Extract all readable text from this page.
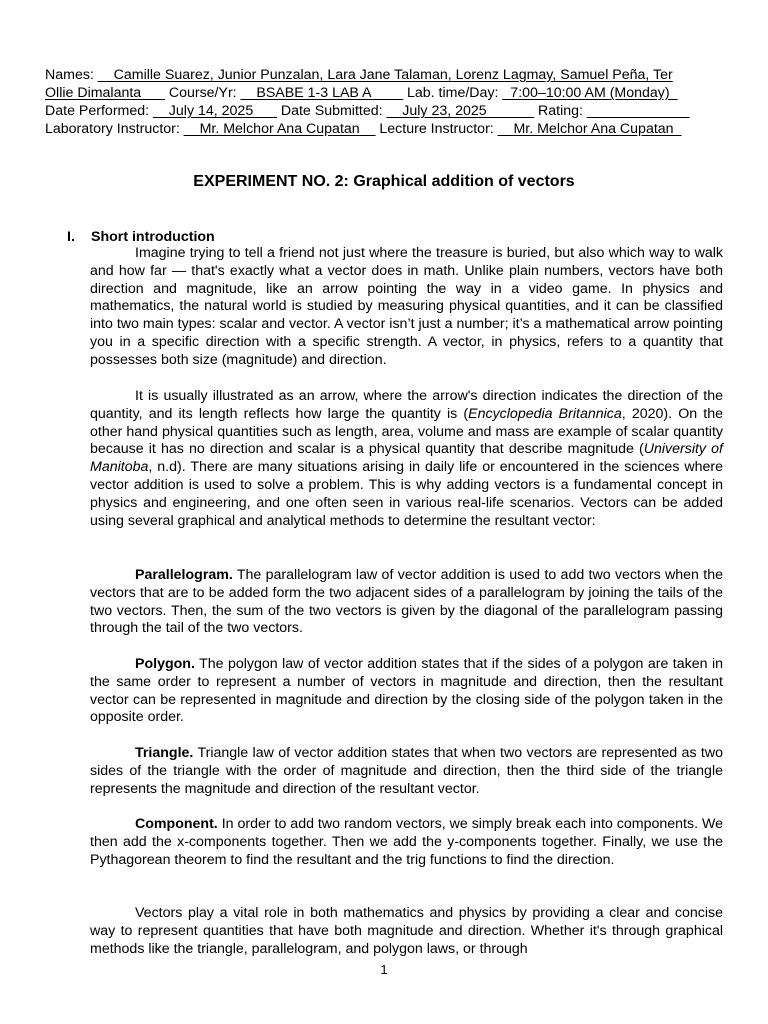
Names: __Camille Suarez, Junior Punzalan, Lara Jane Talaman, Lorenz Lagmay, Samuel Peña, Ter
Ollie Dimalanta___ Course/Yr: __BSABE 1-3 LAB A____ Lab. time/Day: _7:00–10:00 AM (Monday)_
Date Performed: __July 14, 2025___ Date Submitted: __July 23, 2025______ Rating: _____________
Laboratory Instructor: __Mr. Melchor Ana Cupatan__ Lecture Instructor: __Mr. Melchor Ana Cupatan_
EXPERIMENT NO. 2: Graphical addition of vectors
I. Short introduction

Imagine trying to tell a friend not just where the treasure is buried, but also which way to walk and how far — that's exactly what a vector does in math. Unlike plain numbers, vectors have both direction and magnitude, like an arrow pointing the way in a video game. In physics and mathematics, the natural world is studied by measuring physical quantities, and it can be classified into two main types: scalar and vector. A vector isn’t just a number; it’s a mathematical arrow pointing you in a specific direction with a specific strength. A vector, in physics, refers to a quantity that possesses both size (magnitude) and direction.

It is usually illustrated as an arrow, where the arrow's direction indicates the direction of the quantity, and its length reflects how large the quantity is (Encyclopedia Britannica, 2020). On the other hand physical quantities such as length, area, volume and mass are example of scalar quantity because it has no direction and scalar is a physical quantity that describe magnitude (University of Manitoba, n.d). There are many situations arising in daily life or encountered in the sciences where vector addition is used to solve a problem. This is why adding vectors is a fundamental concept in physics and engineering, and one often seen in various real-life scenarios. Vectors can be added using several graphical and analytical methods to determine the resultant vector:

Parallelogram. The parallelogram law of vector addition is used to add two vectors when the vectors that are to be added form the two adjacent sides of a parallelogram by joining the tails of the two vectors. Then, the sum of the two vectors is given by the diagonal of the parallelogram passing through the tail of the two vectors.

Polygon. The polygon law of vector addition states that if the sides of a polygon are taken in the same order to represent a number of vectors in magnitude and direction, then the resultant vector can be represented in magnitude and direction by the closing side of the polygon taken in the opposite order.

Triangle. Triangle law of vector addition states that when two vectors are represented as two sides of the triangle with the order of magnitude and direction, then the third side of the triangle represents the magnitude and direction of the resultant vector.

Component. In order to add two random vectors, we simply break each into components. We then add the x-components together. Then we add the y-components together. Finally, we use the Pythagorean theorem to find the resultant and the trig functions to find the direction.

Vectors play a vital role in both mathematics and physics by providing a clear and concise way to represent quantities that have both magnitude and direction. Whether it's through graphical methods like the triangle, parallelogram, and polygon laws, or through

1
